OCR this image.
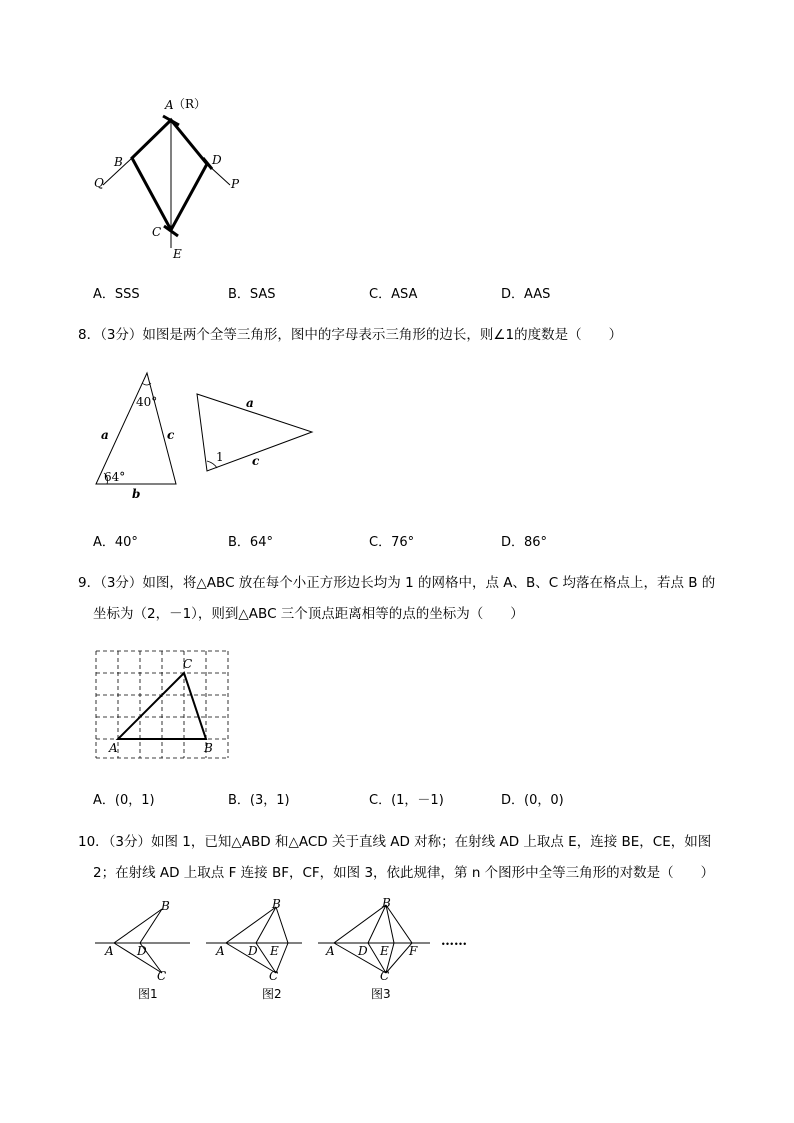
A （R）
B
Q
D
P
C
E
A．SSS	B．SAS	C．ASA	D．AAS
8．（3分）如图是两个全等三角形，图中的字母表示三角形的边长，则∠1的度数是（　　）
40°
64°
a	c
b
a
c
1
A．40°	B．64°	C．76°	D．86°
9．（3分）如图，将△ABC 放在每个小正方形边长均为 1 的网格中，点 A、B、C 均落在格点上，若点 B 的
坐标为（2，－1），则到△ABC 三个顶点距离相等的点的坐标为（　　）
A	B
C
A．(0，1)	B．(3，1)	C．(1，－1)	D．(0，0)
10．（3分）如图 1，已知△ABD 和△ACD 关于直线 AD 对称；在射线 AD 上取点 E，连接 BE，CE，如图
2；在射线 AD 上取点 F 连接 BF，CF，如图 3，依此规律，第 n 个图形中全等三角形的对数是（　　）
B
A D
C
图1
B
A D E
C
图2
B
A D E F
C
图3
……
